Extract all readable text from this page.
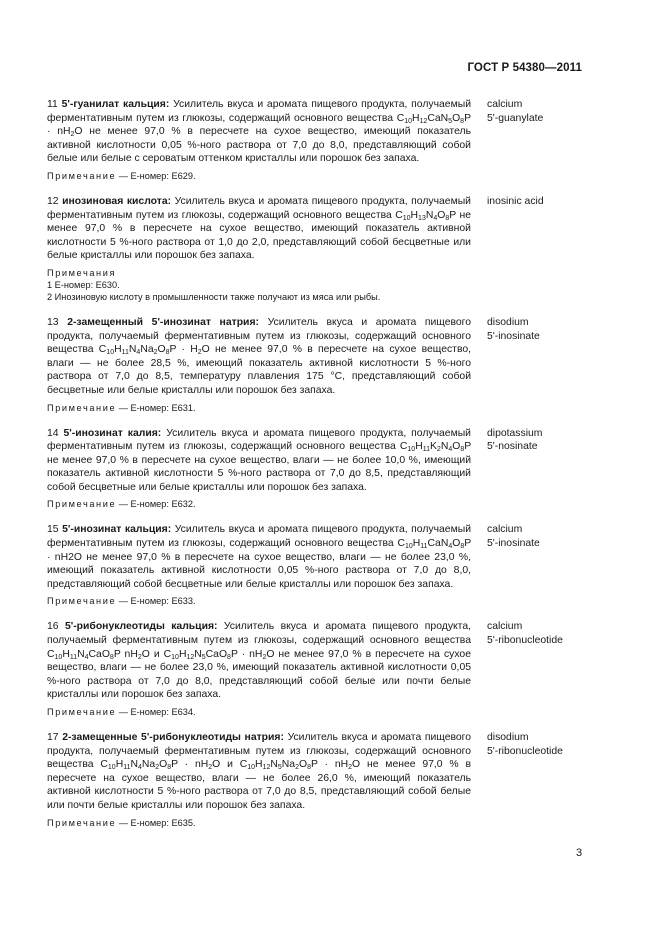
ГОСТ Р 54380—2011
11 5'-гуанилат кальция: Усилитель вкуса и аромата пищевого продукта, получаемый ферментативным путем из глюкозы, содержащий основного вещества $C_{10}H_{12}CaN_5O_8P \cdot nH_2O$ не менее 97,0 % в пересчете на сухое вещество, имеющий показатель активной кислотности 0,05 %-ного раствора от 7,0 до 8,0, представляющий собой белые или белые с сероватым оттенком кристаллы или порошок без запаха.
calcium
5'-guanylate
Примечание — Е-номер: Е629.
12 инозиновая кислота: Усилитель вкуса и аромата пищевого продукта, получаемый ферментативным путем из глюкозы, содержащий основного вещества $C_{10}H_{13}N_4O_8P$ не менее 97,0 % в пересчете на сухое вещество, имеющий показатель активной кислотности 5 %-ного раствора от 1,0 до 2,0, представляющий собой бесцветные или белые кристаллы или порошок без запаха.
inosinic acid
Примечания
1 Е-номер: Е630.
2 Инозиновую кислоту в промышленности также получают из мяса или рыбы.
13 2-замещенный 5'-инозинат натрия: Усилитель вкуса и аромата пищевого продукта, получаемый ферментативным путем из глюкозы, содержащий основного вещества $C_{10}H_{11}N_4Na_2O_8P \cdot H_2O$ не менее 97,0 % в пересчете на сухое вещество, влаги — не более 28,5 %, имеющий показатель активной кислотности 5 %-ного раствора от 7,0 до 8,5, температуру плавления 175 °С, представляющий собой бесцветные или белые кристаллы или порошок без запаха.
disodium
5'-inosinate
Примечание — Е-номер: Е631.
14 5'-инозинат калия: Усилитель вкуса и аромата пищевого продукта, получаемый ферментативным путем из глюкозы, содержащий основного вещества $C_{10}H_{11}K_2N_4O_8P$ не менее 97,0 % в пересчете на сухое вещество, влаги — не более 10,0 %, имеющий показатель активной кислотности 5 %-ного раствора от 7,0 до 8,5, представляющий собой бесцветные или белые кристаллы или порошок без запаха.
dipotassium
5'-nosinate
Примечание — Е-номер: Е632.
15 5'-инозинат кальция: Усилитель вкуса и аромата пищевого продукта, получаемый ферментативным путем из глюкозы, содержащий основного вещества $C_{10}H_{11}CaN_4O_8P \cdot nH2O$ не менее 97,0 % в пересчете на сухое вещество, влаги — не более 23,0 %, имеющий показатель активной кислотности 0,05 %-ного раствора от 7,0 до 8,0, представляющий собой бесцветные или белые кристаллы или порошок без запаха.
calcium
5'-inosinate
Примечание — Е-номер: Е633.
16 5'-рибонуклеотиды кальция: Усилитель вкуса и аромата пищевого продукта, получаемый ферментативным путем из глюкозы, содержащий основного вещества $C_{10}H_{11}N_4CaO_8P$ $nH_2O$ и $C_{10}H_{12}N_5CaO_8P \cdot nH_2O$ не менее 97,0 % в пересчете на сухое вещество, влаги — не более 23,0 %, имеющий показатель активной кислотности 0,05 %-ного раствора от 7,0 до 8,0, представляющий собой белые или почти белые кристаллы или порошок без запаха.
calcium
5'-ribonucleotide
Примечание — Е-номер: Е634.
17 2-замещенные 5'-рибонуклеотиды натрия: Усилитель вкуса и аромата пищевого продукта, получаемый ферментативным путем из глюкозы, содержащий основного вещества $C_{10}H_{11}N_4Na_2O_8P \cdot nH_2O$ и $C_{10}H_{12}N_5Na_2O_8P \cdot nH_2O$ не менее 97,0 % в пересчете на сухое вещество, влаги — не более 26,0 %, имеющий показатель активной кислотности 5 %-ного раствора от 7,0 до 8,5, представляющий собой белые или почти белые кристаллы или порошок без запаха.
disodium
5'-ribonucleotide
Примечание — Е-номер: Е635.
3
